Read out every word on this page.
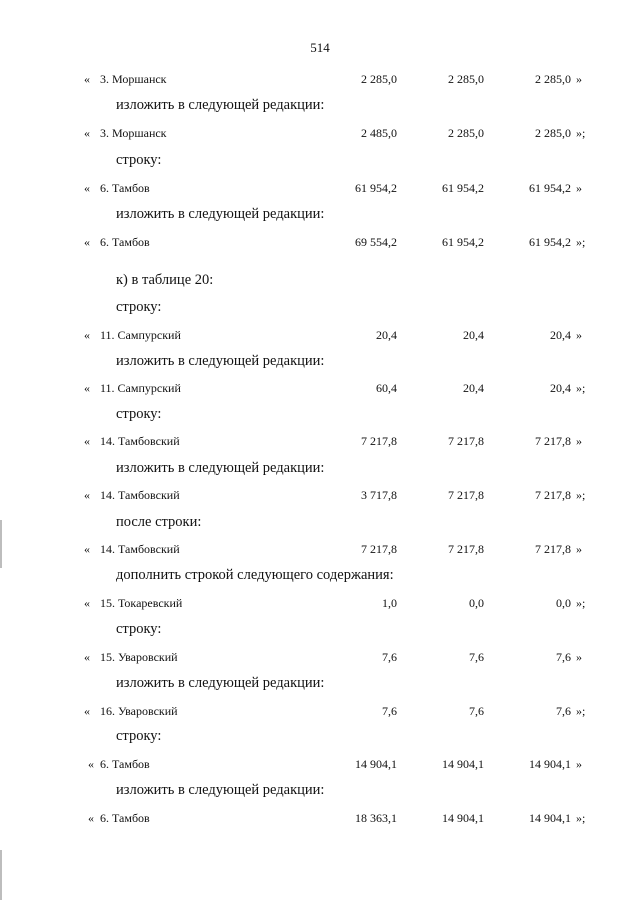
514
« 3. Моршанск	2 285,0	2 285,0	2 285,0 »
изложить в следующей редакции:
« 3. Моршанск	2 485,0	2 285,0	2 285,0 »;
строку:
« 6. Тамбов	61 954,2	61 954,2	61 954,2 »
изложить в следующей редакции:
« 6. Тамбов	69 554,2	61 954,2	61 954,2 »;
к) в таблице 20:
строку:
« 11. Сампурский	20,4	20,4	20,4 »
изложить в следующей редакции:
« 11. Сампурский	60,4	20,4	20,4 »;
строку:
« 14. Тамбовский	7 217,8	7 217,8	7 217,8 »
изложить в следующей редакции:
« 14. Тамбовский	3 717,8	7 217,8	7 217,8 »;
после строки:
« 14. Тамбовский	7 217,8	7 217,8	7 217,8 »
дополнить строкой следующего содержания:
« 15. Токаревский	1,0	0,0	0,0 »;
строку:
« 15. Уваровский	7,6	7,6	7,6 »
изложить в следующей редакции:
« 16. Уваровский	7,6	7,6	7,6 »;
строку:
« 6. Тамбов	14 904,1	14 904,1	14 904,1 »
изложить в следующей редакции:
« 6. Тамбов	18 363,1	14 904,1	14 904,1 »;
